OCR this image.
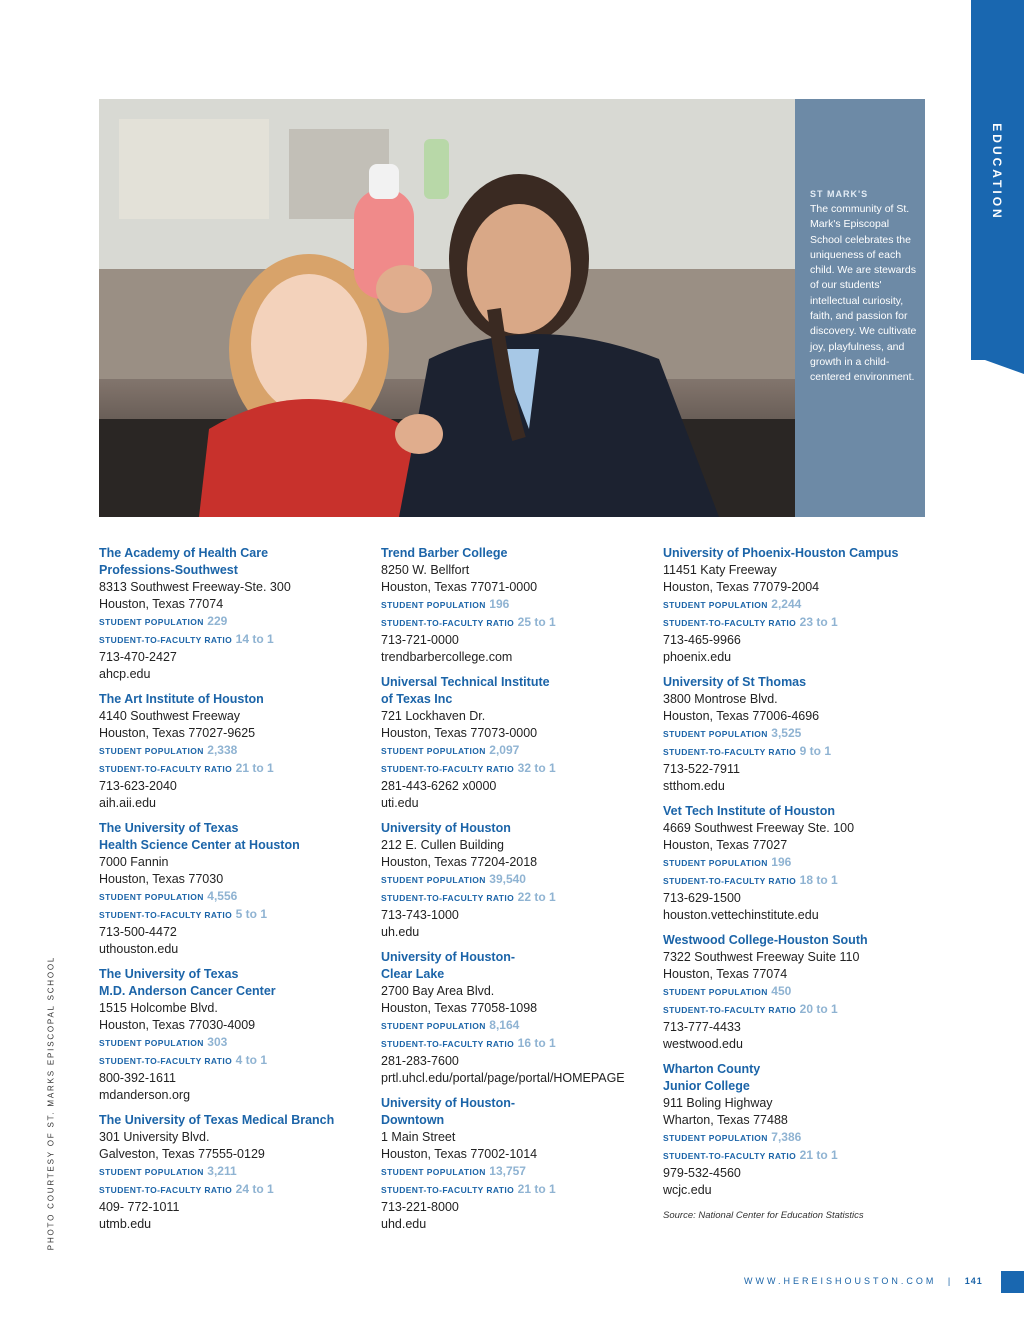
EDUCATION
ST MARK'S
The community of St. Mark's Episcopal School celebrates the uniqueness of each child. We are stewards of our students' intellectual curiosity, faith, and passion for discovery. We cultivate joy, playfulness, and growth in a child-centered environment.
PHOTO COURTESY OF ST. MARKS EPISCOPAL SCHOOL
The Academy of Health Care
Professions-Southwest
8313 Southwest Freeway-Ste. 300
Houston, Texas 77074
STUDENT POPULATION 229
STUDENT-TO-FACULTY RATIO 14 to 1
713-470-2427
ahcp.edu
The Art Institute of Houston
4140 Southwest Freeway
Houston, Texas 77027-9625
STUDENT POPULATION 2,338
STUDENT-TO-FACULTY RATIO 21 to 1
713-623-2040
aih.aii.edu
The University of Texas
Health Science Center at Houston
7000 Fannin
Houston, Texas 77030
STUDENT POPULATION 4,556
STUDENT-TO-FACULTY RATIO 5 to 1
713-500-4472
uthouston.edu
The University of Texas
M.D. Anderson Cancer Center
1515 Holcombe Blvd.
Houston, Texas 77030-4009
STUDENT POPULATION 303
STUDENT-TO-FACULTY RATIO 4 to 1
800-392-1611
mdanderson.org
The University of Texas Medical Branch
301 University Blvd.
Galveston, Texas 77555-0129
STUDENT POPULATION 3,211
STUDENT-TO-FACULTY RATIO 24 to 1
409- 772-1011
utmb.edu
Trend Barber College
8250 W. Bellfort
Houston, Texas 77071-0000
STUDENT POPULATION 196
STUDENT-TO-FACULTY RATIO 25 to 1
713-721-0000
trendbarbercollege.com
Universal Technical Institute
of Texas Inc
721 Lockhaven Dr.
Houston, Texas 77073-0000
STUDENT POPULATION 2,097
STUDENT-TO-FACULTY RATIO 32 to 1
281-443-6262 x0000
uti.edu
University of Houston
212 E. Cullen Building
Houston, Texas 77204-2018
STUDENT POPULATION 39,540
STUDENT-TO-FACULTY RATIO 22 to 1
713-743-1000
uh.edu
University of Houston-
Clear Lake
2700 Bay Area Blvd.
Houston, Texas 77058-1098
STUDENT POPULATION 8,164
STUDENT-TO-FACULTY RATIO 16 to 1
281-283-7600
prtl.uhcl.edu/portal/page/portal/HOMEPAGE
University of Houston-
Downtown
1 Main Street
Houston, Texas 77002-1014
STUDENT POPULATION 13,757
STUDENT-TO-FACULTY RATIO 21 to 1
713-221-8000
uhd.edu
University of Phoenix-Houston Campus
11451 Katy Freeway
Houston, Texas 77079-2004
STUDENT POPULATION 2,244
STUDENT-TO-FACULTY RATIO 23 to 1
713-465-9966
phoenix.edu
University of St Thomas
3800 Montrose Blvd.
Houston, Texas 77006-4696
STUDENT POPULATION 3,525
STUDENT-TO-FACULTY RATIO 9 to 1
713-522-7911
stthom.edu
Vet Tech Institute of Houston
4669 Southwest Freeway Ste. 100
Houston, Texas 77027
STUDENT POPULATION 196
STUDENT-TO-FACULTY RATIO 18 to 1
713-629-1500
houston.vettechinstitute.edu
Westwood College-Houston South
7322 Southwest Freeway Suite 110
Houston, Texas 77074
STUDENT POPULATION 450
STUDENT-TO-FACULTY RATIO 20 to 1
713-777-4433
westwood.edu
Wharton County
Junior College
911 Boling Highway
Wharton, Texas 77488
STUDENT POPULATION 7,386
STUDENT-TO-FACULTY RATIO 21 to 1
979-532-4560
wcjc.edu
Source: National Center for Education Statistics
WWW.HEREISHOUSTON.COM | 141
